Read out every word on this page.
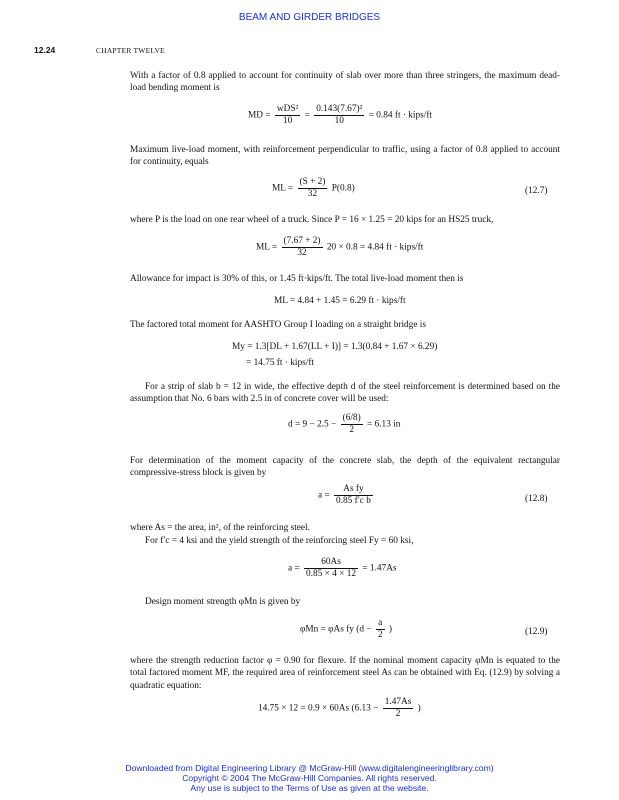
BEAM AND GIRDER BRIDGES
12.24	CHAPTER TWELVE
With a factor of 0.8 applied to account for continuity of slab over more than three stringers, the maximum dead-load bending moment is
MD = $\frac{\text{wDS²}}{10} = \frac{\text{0.143(7.67)²}}{10} = 0.84$ ft · kips/ft
Maximum live-load moment, with reinforcement perpendicular to traffic, using a factor of 0.8 applied to account for continuity, equals
ML = $\frac{(S + 2)}{32} P(0.8)$	(12.7)
where P is the load on one rear wheel of a truck. Since P = 16 × 1.25 = 20 kips for an HS25 truck,
ML = $\frac{(7.67 + 2)}{32} 20 \times 0.8 = 4.84$ ft · kips/ft
Allowance for impact is 30% of this, or 1.45 ft·kips/ft. The total live-load moment then is
ML = 4.84 + 1.45 = 6.29 ft · kips/ft
The factored total moment for AASHTO Group I loading on a straight bridge is
My = 1.3[DL + 1.67(LL + I)] = 1.3(0.84 + 1.67 × 6.29)
= 14.75 ft · kips/ft
For a strip of slab b = 12 in wide, the effective depth d of the steel reinforcement is determined based on the assumption that No. 6 bars with 2.5 in of concrete cover will be used:
$d = 9 - 2.5 - \frac{(6/8)}{2} = 6.13$ in
For determination of the moment capacity of the concrete slab, the depth of the equivalent rectangular compressive-stress block is given by
$a = \frac{\text{As fy}}{\text{0.85 f′c b}}$	(12.8)
where As = the area, in², of the reinforcing steel.
For f′c = 4 ksi and the yield strength of the reinforcing steel Fy = 60 ksi,
$a = \frac{60As}{0.85 \times 4 \times 12} = 1.47As$
Design moment strength φMn is given by
φMn = φAs fy ($d - \frac{a}{2}$ )	(12.9)
where the strength reduction factor φ = 0.90 for flexure. If the nominal moment capacity φMn is equated to the total factored moment MF, the required area of reinforcement steel As can be obtained with Eq. (12.9) by solving a quadratic equation:
14.75 × 12 = 0.9 × 60As ($6.13 - \frac{1.47As}{2}$ )
Downloaded from Digital Engineering Library @ McGraw-Hill (www.digitalengineeringlibrary.com)
Copyright © 2004 The McGraw-Hill Companies. All rights reserved.
Any use is subject to the Terms of Use as given at the website.
